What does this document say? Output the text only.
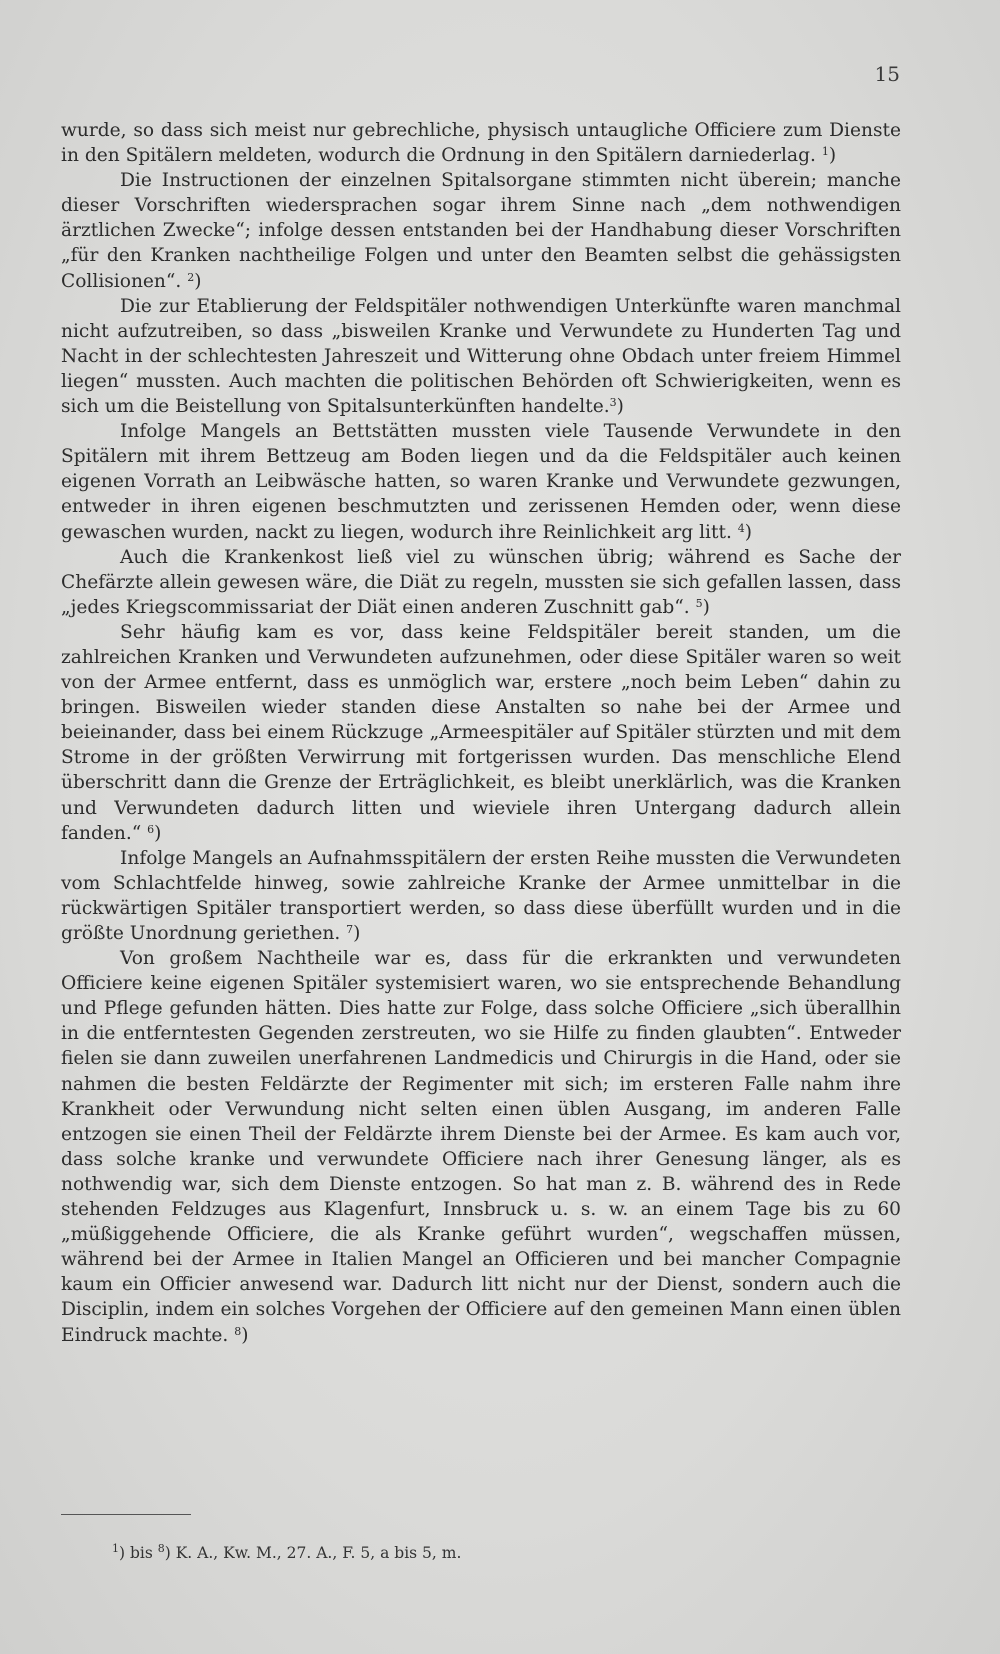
15

wurde, so dass sich meist nur gebrechliche, physisch untaugliche Officiere zum Dienste in den Spitälern meldeten, wodurch die Ordnung in den Spitälern darniederlag. $^1$)

Die Instructionen der einzelnen Spitalsorgane stimmten nicht überein; manche dieser Vorschriften wiedersprachen sogar ihrem Sinne nach „dem nothwendigen ärztlichen Zwecke“; infolge dessen entstanden bei der Handhabung dieser Vorschriften „für den Kranken nachtheilige Folgen und unter den Beamten selbst die gehässigsten Collisionen“. $^2$)

Die zur Etablierung der Feldspitäler nothwendigen Unterkünfte waren manchmal nicht aufzutreiben, so dass „bisweilen Kranke und Verwundete zu Hunderten Tag und Nacht in der schlechtesten Jahreszeit und Witterung ohne Obdach unter freiem Himmel liegen“ mussten. Auch machten die politischen Behörden oft Schwierigkeiten, wenn es sich um die Beistellung von Spitalsunterkünften handelte.$^3$)

Infolge Mangels an Bettstätten mussten viele Tausende Verwundete in den Spitälern mit ihrem Bettzeug am Boden liegen und da die Feldspitäler auch keinen eigenen Vorrath an Leibwäsche hatten, so waren Kranke und Verwundete gezwungen, entweder in ihren eigenen beschmutzten und zerissenen Hemden oder, wenn diese gewaschen wurden, nackt zu liegen, wodurch ihre Reinlichkeit arg litt. $^4$)

Auch die Krankenkost ließ viel zu wünschen übrig; während es Sache der Chefärzte allein gewesen wäre, die Diät zu regeln, mussten sie sich gefallen lassen, dass „jedes Kriegscommissariat der Diät einen anderen Zuschnitt gab“. $^5$)

Sehr häufig kam es vor, dass keine Feldspitäler bereit standen, um die zahlreichen Kranken und Verwundeten aufzunehmen, oder diese Spitäler waren so weit von der Armee entfernt, dass es unmöglich war, erstere „noch beim Leben“ dahin zu bringen. Bisweilen wieder standen diese Anstalten so nahe bei der Armee und beieinander, dass bei einem Rückzuge „Armeespitäler auf Spitäler stürzten und mit dem Strome in der größten Verwirrung mit fortgerissen wurden. Das menschliche Elend überschritt dann die Grenze der Erträglichkeit, es bleibt unerklärlich, was die Kranken und Verwundeten dadurch litten und wieviele ihren Untergang dadurch allein fanden.“ $^6$)

Infolge Mangels an Aufnahmsspitälern der ersten Reihe mussten die Verwundeten vom Schlachtfelde hinweg, sowie zahlreiche Kranke der Armee unmittelbar in die rückwärtigen Spitäler transportiert werden, so dass diese überfüllt wurden und in die größte Unordnung geriethen. $^7$)

Von großem Nachtheile war es, dass für die erkrankten und verwundeten Officiere keine eigenen Spitäler systemisiert waren, wo sie entsprechende Behandlung und Pflege gefunden hätten. Dies hatte zur Folge, dass solche Officiere „sich überallhin in die entferntesten Gegenden zerstreuten, wo sie Hilfe zu finden glaubten“. Entweder fielen sie dann zuweilen unerfahrenen Landmedicis und Chirurgis in die Hand, oder sie nahmen die besten Feldärzte der Regimenter mit sich; im ersteren Falle nahm ihre Krankheit oder Verwundung nicht selten einen üblen Ausgang, im anderen Falle entzogen sie einen Theil der Feldärzte ihrem Dienste bei der Armee. Es kam auch vor, dass solche kranke und verwundete Officiere nach ihrer Genesung länger, als es nothwendig war, sich dem Dienste entzogen. So hat man z. B. während des in Rede stehenden Feldzuges aus Klagenfurt, Innsbruck u. s. w. an einem Tage bis zu 60 „müßiggehende Officiere, die als Kranke geführt wurden“, wegschaffen müssen, während bei der Armee in Italien Mangel an Officieren und bei mancher Compagnie kaum ein Officier anwesend war. Dadurch litt nicht nur der Dienst, sondern auch die Disciplin, indem ein solches Vorgehen der Officiere auf den gemeinen Mann einen üblen Eindruck machte. $^8$)

$^1$) bis $^8$) K. A., Kw. M., 27. A., F. 5, a bis 5, m.
